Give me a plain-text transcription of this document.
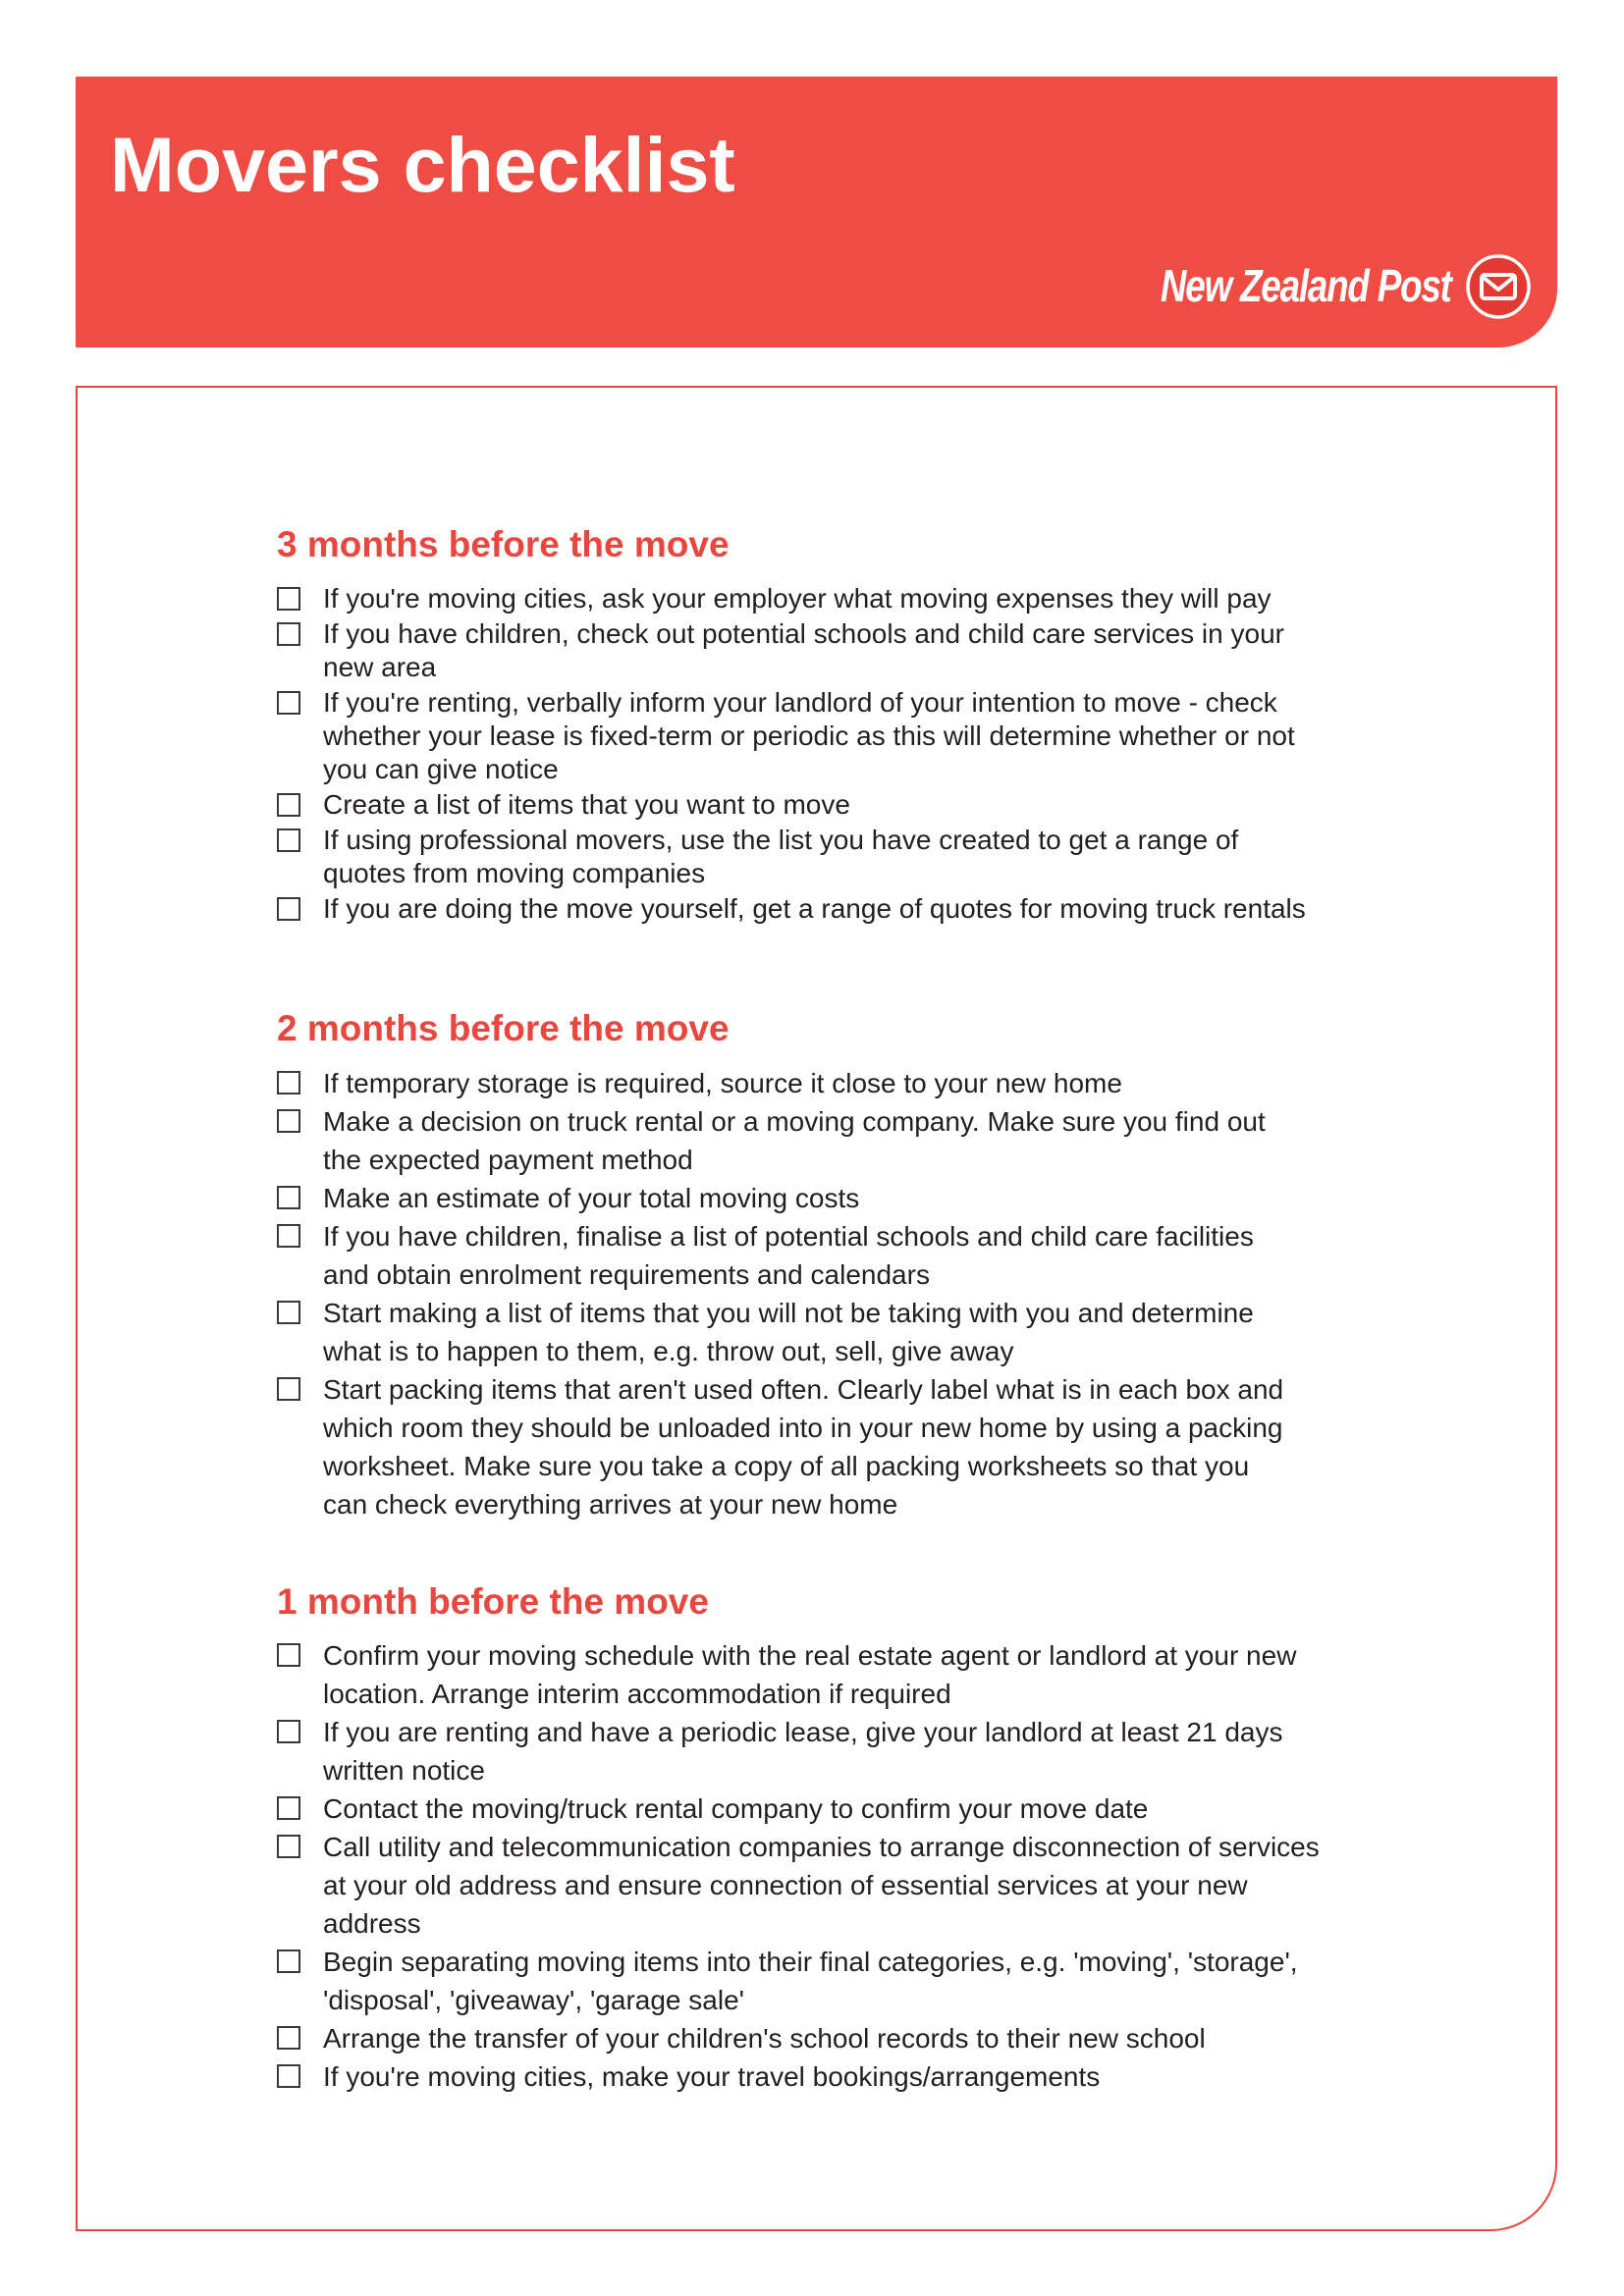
Movers checklist
New Zealand Post
3 months before the move
If you're moving cities, ask your employer what moving expenses they will pay
If you have children, check out potential schools and child care services in your
new area
If you're renting, verbally inform your landlord of your intention to move - check
whether your lease is fixed-term or periodic as this will determine whether or not
you can give notice
Create a list of items that you want to move
If using professional movers, use the list you have created to get a range of
quotes from moving companies
If you are doing the move yourself, get a range of quotes for moving truck rentals
2 months before the move
If temporary storage is required, source it close to your new home
Make a decision on truck rental or a moving company. Make sure you find out
the expected payment method
Make an estimate of your total moving costs
If you have children, finalise a list of potential schools and child care facilities
and obtain enrolment requirements and calendars
Start making a list of items that you will not be taking with you and determine
what is to happen to them, e.g. throw out, sell, give away
Start packing items that aren't used often. Clearly label what is in each box and
which room they should be unloaded into in your new home by using a packing
worksheet. Make sure you take a copy of all packing worksheets so that you
can check everything arrives at your new home
1 month before the move
Confirm your moving schedule with the real estate agent or landlord at your new
location. Arrange interim accommodation if required
If you are renting and have a periodic lease, give your landlord at least 21 days
written notice
Contact the moving/truck rental company to confirm your move date
Call utility and telecommunication companies to arrange disconnection of services
at your old address and ensure connection of essential services at your new
address
Begin separating moving items into their final categories, e.g. 'moving', 'storage',
'disposal', 'giveaway', 'garage sale'
Arrange the transfer of your children's school records to their new school
If you're moving cities, make your travel bookings/arrangements
